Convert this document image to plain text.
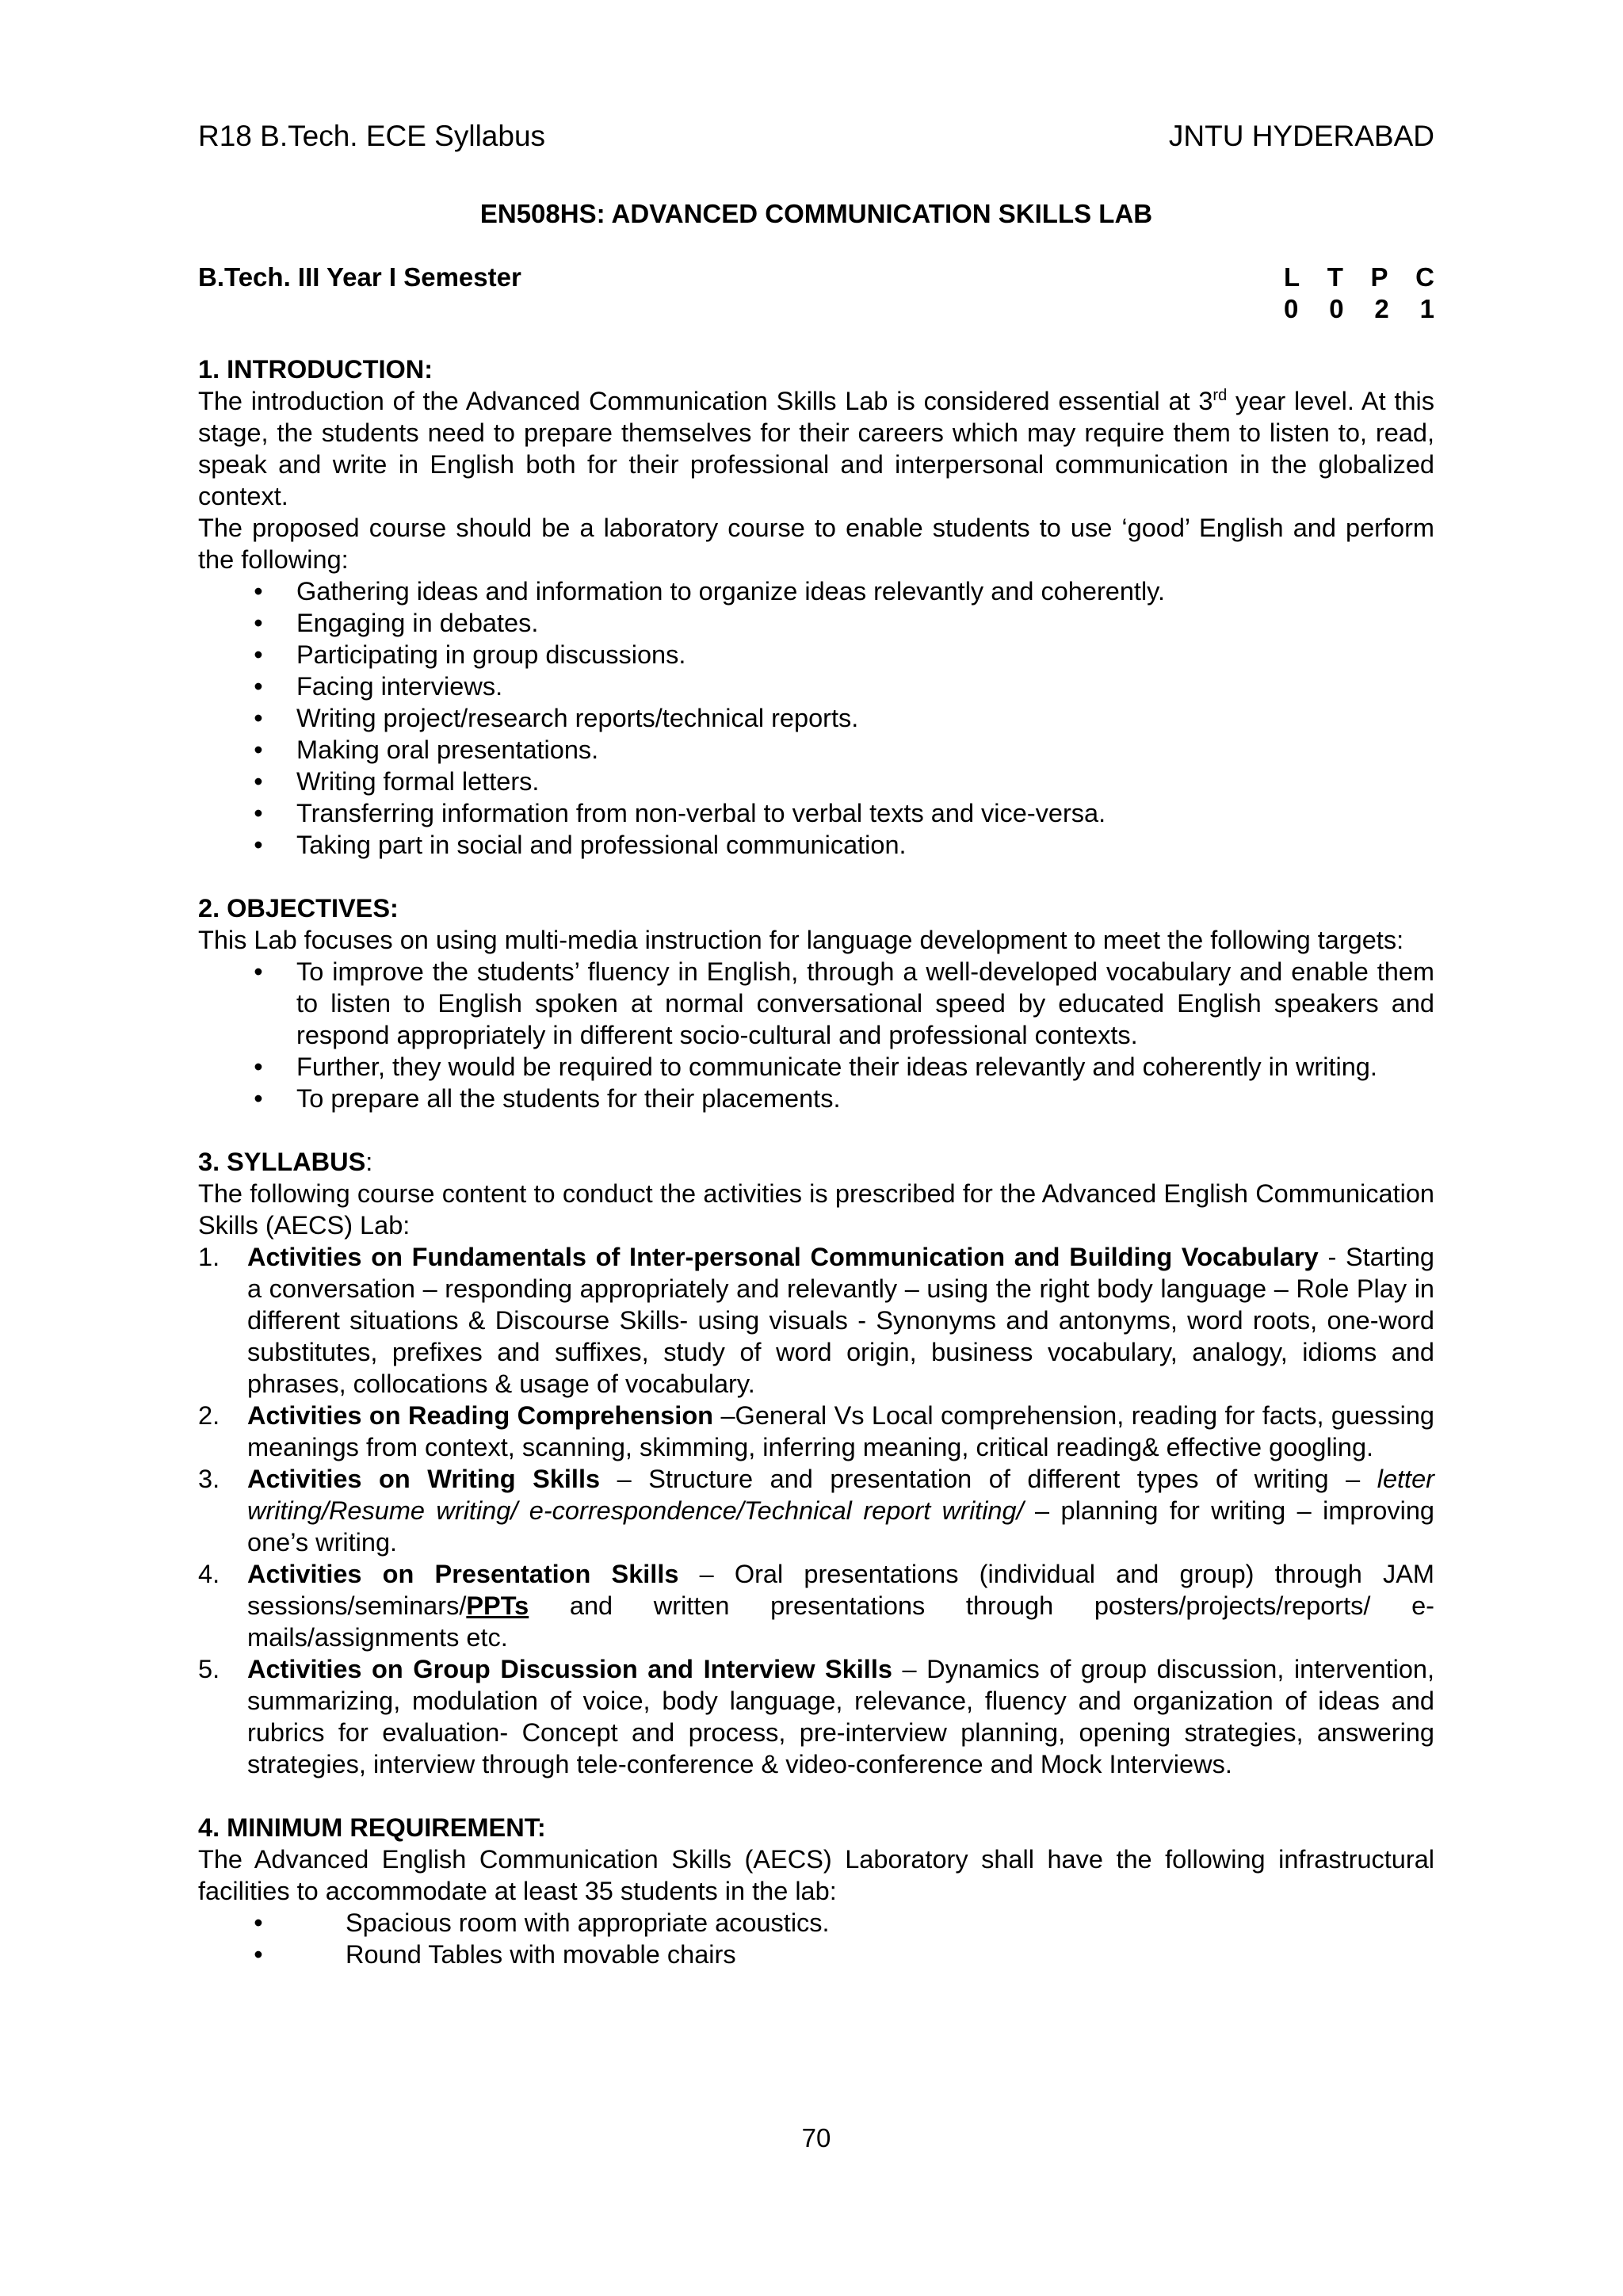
R18 B.Tech. ECE Syllabus	JNTU HYDERABAD
EN508HS: ADVANCED COMMUNICATION SKILLS LAB
B.Tech. III Year I Semester	L T P C
0 0 2 1

1. INTRODUCTION:

The introduction of the Advanced Communication Skills Lab is considered essential at 3rd year level. At this stage, the students need to prepare themselves for their careers which may require them to listen to, read, speak and write in English both for their professional and interpersonal communication in the globalized context.

The proposed course should be a laboratory course to enable students to use ‘good’ English and perform the following:

• Gathering ideas and information to organize ideas relevantly and coherently.
• Engaging in debates.
• Participating in group discussions.
• Facing interviews.
• Writing project/research reports/technical reports.
• Making oral presentations.
• Writing formal letters.
• Transferring information from non-verbal to verbal texts and vice-versa.
• Taking part in social and professional communication.

2. OBJECTIVES:

This Lab focuses on using multi-media instruction for language development to meet the following targets:

• To improve the students’ fluency in English, through a well-developed vocabulary and enable them to listen to English spoken at normal conversational speed by educated English speakers and respond appropriately in different socio-cultural and professional contexts.
• Further, they would be required to communicate their ideas relevantly and coherently in writing.
• To prepare all the students for their placements.

3. SYLLABUS:

The following course content to conduct the activities is prescribed for the Advanced English Communication Skills (AECS) Lab:

1. Activities on Fundamentals of Inter-personal Communication and Building Vocabulary - Starting a conversation – responding appropriately and relevantly – using the right body language – Role Play in different situations & Discourse Skills- using visuals - Synonyms and antonyms, word roots, one-word substitutes, prefixes and suffixes, study of word origin, business vocabulary, analogy, idioms and phrases, collocations & usage of vocabulary.
2. Activities on Reading Comprehension –General Vs Local comprehension, reading for facts, guessing meanings from context, scanning, skimming, inferring meaning, critical reading& effective googling.
3. Activities on Writing Skills – Structure and presentation of different types of writing – letter writing/Resume writing/ e-correspondence/Technical report writing/ – planning for writing – improving one’s writing.
4. Activities on Presentation Skills – Oral presentations (individual and group) through JAM sessions/seminars/PPTs and written presentations through posters/projects/reports/ e-mails/assignments etc.
5. Activities on Group Discussion and Interview Skills – Dynamics of group discussion, intervention, summarizing, modulation of voice, body language, relevance, fluency and organization of ideas and rubrics for evaluation- Concept and process, pre-interview planning, opening strategies, answering strategies, interview through tele-conference & video-conference and Mock Interviews.

4. MINIMUM REQUIREMENT:

The Advanced English Communication Skills (AECS) Laboratory shall have the following infrastructural facilities to accommodate at least 35 students in the lab:

•	Spacious room with appropriate acoustics.
•	Round Tables with movable chairs
70
